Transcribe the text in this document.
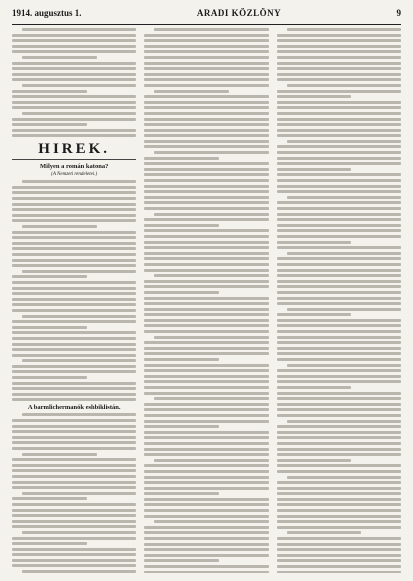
1914. augusztus 1.	ARADI KÖZLÖNY	9
HIREK.
Milyen a román katona?
(A Nemzeti rendeletei.)
A barmlichermanók eshbiklistán.
